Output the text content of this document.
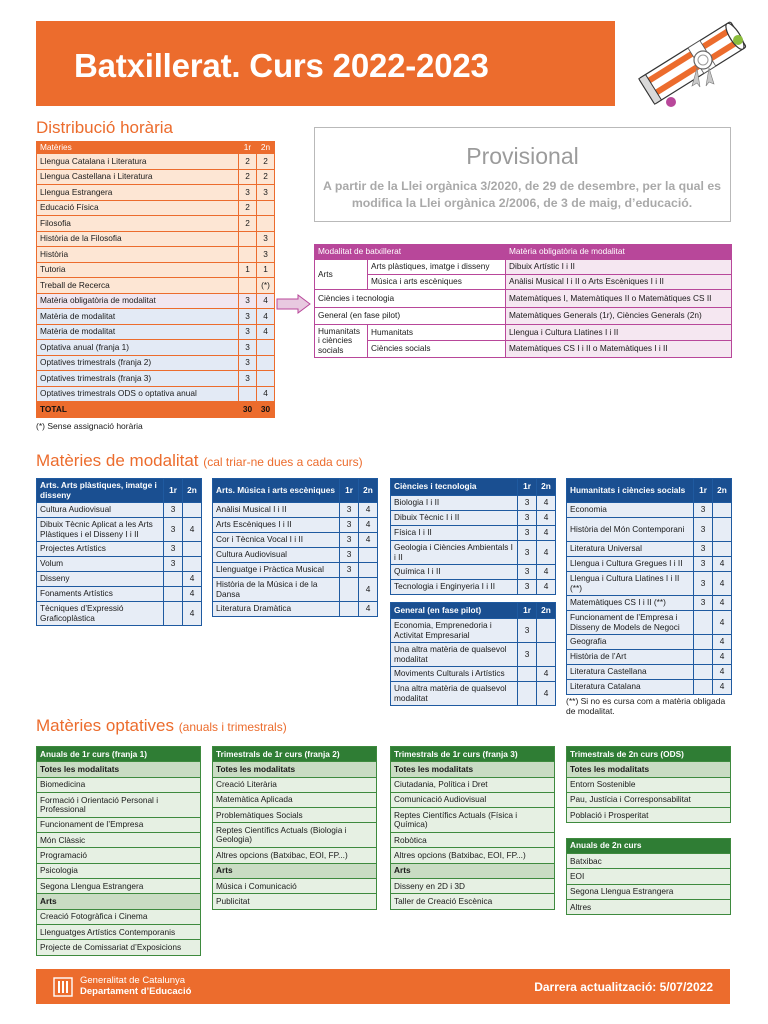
Batxillerat. Curs 2022-2023
Distribució horària
Matèries	1r	2n
Llengua Catalana i Literatura	2	2
Llengua Castellana i Literatura	2	2
Llengua Estrangera	3	3
Educació Física	2	
Filosofia	2	
Història de la Filosofia		3
Història		3
Tutoria	1	1
Treball de Recerca		(*)
Matèria obligatòria de modalitat	3	4
Matèria de modalitat	3	4
Matèria de modalitat	3	4
Optativa anual (franja 1)	3	
Optatives trimestrals (franja 2)	3	
Optatives trimestrals (franja 3)	3	
Optatives trimestrals ODS o optativa anual		4
TOTAL	30	30
(*) Sense assignació horària
Provisional
A partir de la Llei orgànica 3/2020, de 29 de desembre, per la qual es modifica la Llei orgànica 2/2006, de 3 de maig, d’educació.
Modalitat de batxillerat		Matèria obligatòria de modalitat
Arts	Arts plàstiques, imatge i disseny	Dibuix Artístic I i II
	Música i arts escèniques	Anàlisi Musical I i II o Arts Escèniques I i II
Ciències i tecnologia		Matemàtiques I, Matemàtiques II o Matemàtiques CS II
General (en fase pilot)		Matemàtiques Generals (1r), Ciències Generals (2n)
Humanitats i ciències socials	Humanitats	Llengua i Cultura Llatines I i II
	Ciències socials	Matemàtiques CS I i II o Matemàtiques I i II
Matèries de modalitat (cal triar-ne dues a cada curs)
Arts. Arts plàstiques, imatge i disseny	1r	2n
Cultura Audiovisual	3	
Dibuix Tècnic Aplicat a les Arts Plàstiques i el Disseny I i II	3	4
Projectes Artístics	3	
Volum	3	
Disseny		4
Fonaments Artístics		4
Tècniques d’Expressió Graficoplàstica		4
Arts. Música i arts escèniques	1r	2n
Anàlisi Musical I i II	3	4
Arts Escèniques I i II	3	4
Cor i Tècnica Vocal I i II	3	4
Cultura Audiovisual	3	
Llenguatge i Pràctica Musical	3	
Història de la Música i de la Dansa		4
Literatura Dramàtica		4
Ciències i tecnologia	1r	2n
Biologia I i II	3	4
Dibuix Tècnic I i II	3	4
Física I i II	3	4
Geologia i Ciències Ambientals I i II	3	4
Química I i II	3	4
Tecnologia i Enginyeria I i II	3	4
General (en fase pilot)	1r	2n
Economia, Emprenedoria i Activitat Empresarial	3	
Una altra matèria de qualsevol modalitat	3	
Moviments Culturals i Artístics		4
Una altra matèria de qualsevol modalitat		4
Humanitats i ciències socials	1r	2n
Economia	3	
Història del Món Contemporani	3	
Literatura Universal	3	
Llengua i Cultura Gregues I i II	3	4
Llengua i Cultura Llatines I i II (**)	3	4
Matemàtiques CS I i II (**)	3	4
Funcionament de l’Empresa i Disseny de Models de Negoci		4
Geografia		4
Història de l’Art		4
Literatura Castellana		4
Literatura Catalana		4
(**) Si no es cursa com a matèria obligada de modalitat.
Matèries optatives (anuals i trimestrals)
Anuals de 1r curs (franja 1)
Totes les modalitats
Biomedicina
Formació i Orientació Personal i Professional
Funcionament de l’Empresa
Món Clàssic
Programació
Psicologia
Segona Llengua Estrangera
Arts
Creació Fotogràfica i Cinema
Llenguatges Artístics Contemporanis
Projecte de Comissariat d’Exposicions
Trimestrals de 1r curs (franja 2)
Totes les modalitats
Creació Literària
Matemàtica Aplicada
Problemàtiques Socials
Reptes Científics Actuals (Biologia i Geologia)
Altres opcions (Batxibac, EOI, FP...)
Arts
Música i Comunicació
Publicitat
Trimestrals de 1r curs (franja 3)
Totes les modalitats
Ciutadania, Política i Dret
Comunicació Audiovisual
Reptes Científics Actuals (Física i Química)
Robòtica
Altres opcions (Batxibac, EOI, FP...)
Arts
Disseny en 2D i 3D
Taller de Creació Escènica
Trimestrals de 2n curs (ODS)
Totes les modalitats
Entorn Sostenible
Pau, Justícia i Corresponsabilitat
Població i Prosperitat

Anuals de 2n curs
Batxibac
EOI
Segona Llengua Estrangera
Altres
Generalitat de Catalunya
Departament d’Educació	Darrera actualització: 5/07/2022
